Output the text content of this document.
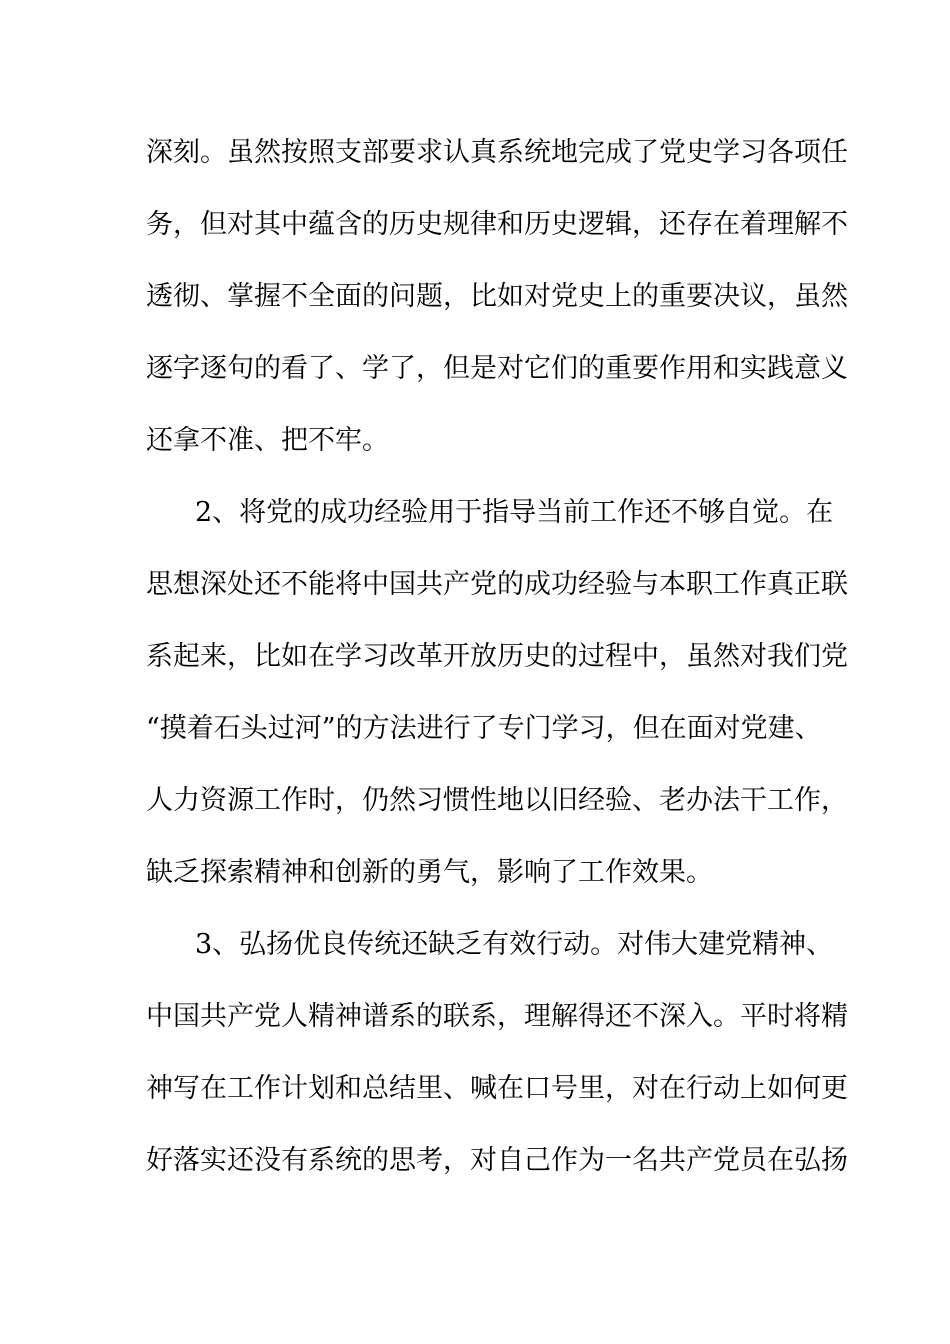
深刻。虽然按照支部要求认真系统地完成了党史学习各项任
务，但对其中蕴含的历史规律和历史逻辑，还存在着理解不
透彻、掌握不全面的问题，比如对党史上的重要决议，虽然
逐字逐句的看了、学了，但是对它们的重要作用和实践意义
还拿不准、把不牢。
2、将党的成功经验用于指导当前工作还不够自觉。在
思想深处还不能将中国共产党的成功经验与本职工作真正联
系起来，比如在学习改革开放历史的过程中，虽然对我们党
“摸着石头过河”的方法进行了专门学习，但在面对党建、
人力资源工作时，仍然习惯性地以旧经验、老办法干工作，
缺乏探索精神和创新的勇气，影响了工作效果。
3、弘扬优良传统还缺乏有效行动。对伟大建党精神、
中国共产党人精神谱系的联系，理解得还不深入。平时将精
神写在工作计划和总结里、喊在口号里，对在行动上如何更
好落实还没有系统的思考，对自己作为一名共产党员在弘扬
